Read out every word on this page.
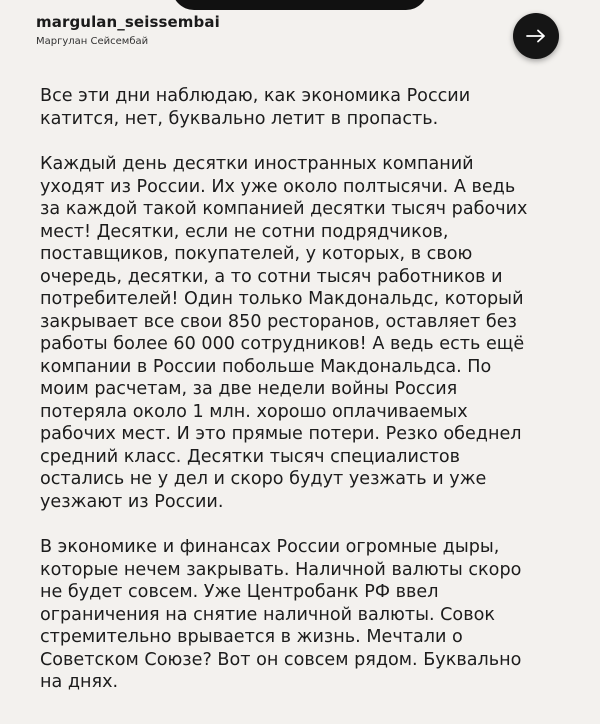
margulan_seissembai
Маргулан Сейсембай

Все эти дни наблюдаю, как экономика России
катится, нет, буквально летит в пропасть.

Каждый день десятки иностранных компаний
уходят из России. Их уже около полтысячи. А ведь
за каждой такой компанией десятки тысяч рабочих
мест! Десятки, если не сотни подрядчиков,
поставщиков, покупателей, у которых, в свою
очередь, десятки, а то сотни тысяч работников и
потребителей! Один только Макдональдс, который
закрывает все свои 850 ресторанов, оставляет без
работы более 60 000 сотрудников! А ведь есть ещё
компании в России побольше Макдональдса. По
моим расчетам, за две недели войны Россия
потеряла около 1 млн. хорошо оплачиваемых
рабочих мест. И это прямые потери. Резко обеднел
средний класс. Десятки тысяч специалистов
остались не у дел и скоро будут уезжать и уже
уезжают из России.

В экономике и финансах России огромные дыры,
которые нечем закрывать. Наличной валюты скоро
не будет совсем. Уже Центробанк РФ ввел
ограничения на снятие наличной валюты. Совок
стремительно врывается в жизнь. Мечтали о
Советском Союзе? Вот он совсем рядом. Буквально
на днях.
